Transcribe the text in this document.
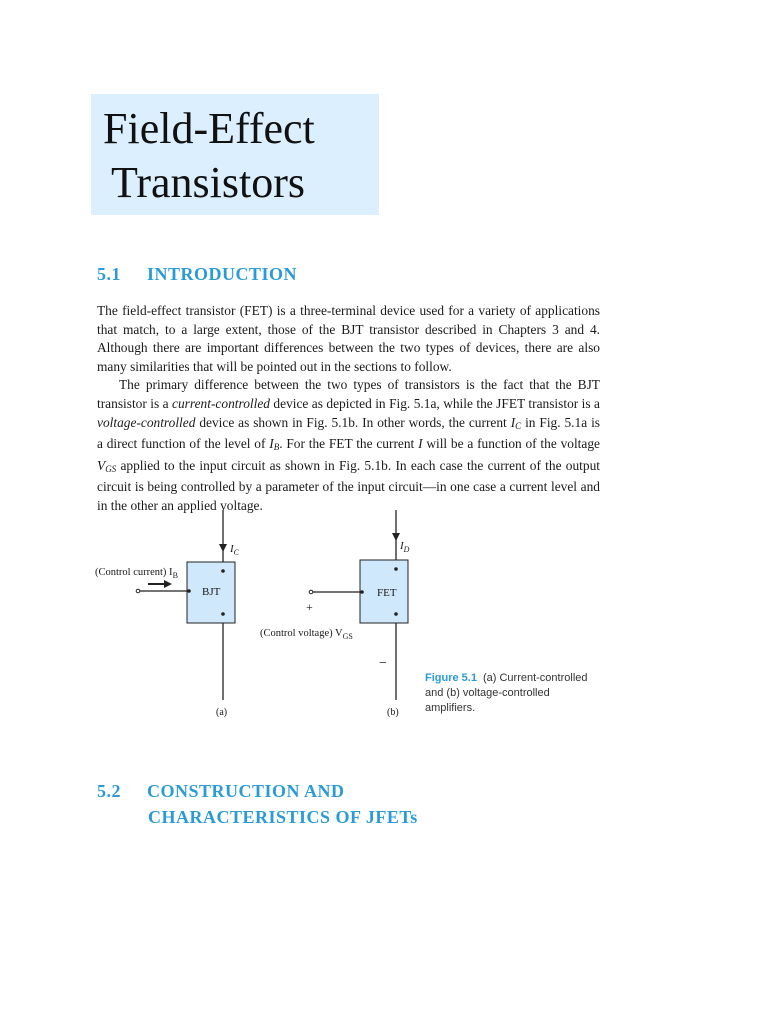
Field-Effect
Transistors
5.1 INTRODUCTION

The field-effect transistor (FET) is a three-terminal device used for a variety of applications that match, to a large extent, those of the BJT transistor described in Chapters 3 and 4. Although there are important differences between the two types of devices, there are also many similarities that will be pointed out in the sections to follow.

The primary difference between the two types of transistors is the fact that the BJT transistor is a current-controlled device as depicted in Fig. 5.1a, while the JFET transistor is a voltage-controlled device as shown in Fig. 5.1b. In other words, the current $I_C$ in Fig. 5.1a is a direct function of the level of $I_B$. For the FET the current I will be a function of the voltage $V_{GS}$ applied to the input circuit as shown in Fig. 5.1b. In each case the current of the output circuit is being controlled by a parameter of the input circuit—in one case a current level and in the other an applied voltage.

$I_C$
BJT
(Control current) $I_B$
(a)
$I_D$
FET
+
(Control voltage) $V_{GS}$
−
(b)
Figure 5.1 (a) Current-controlled and (b) voltage-controlled amplifiers.
5.2 CONSTRUCTION AND
CHARACTERISTICS OF JFETs
